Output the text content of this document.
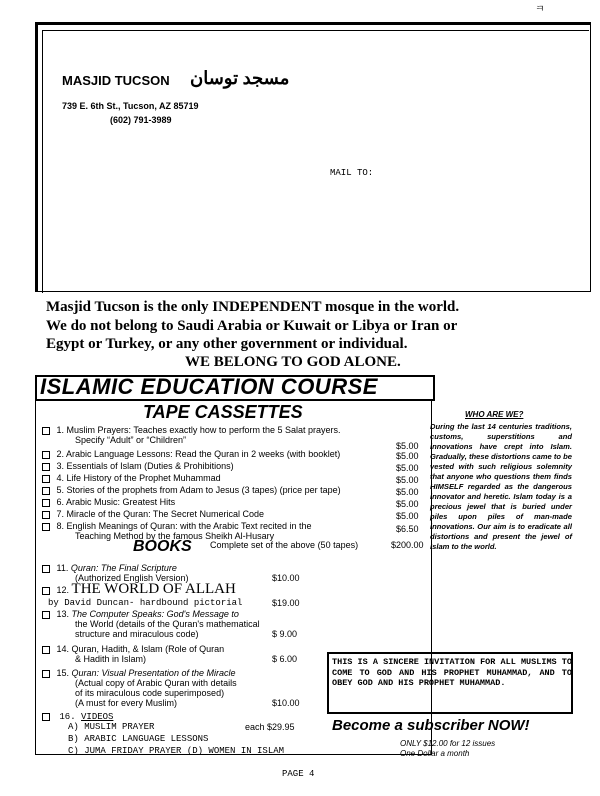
ㅋ
MASJID TUCSON مسجد توسان
739 E. 6th St., Tucson, AZ 85719
(602) 791-3989
MAIL TO:
Masjid Tucson is the only INDEPENDENT mosque in the world.
We do not belong to Saudi Arabia or Kuwait or Libya or Iran or
Egypt or Turkey, or any other government or individual.
WE BELONG TO GOD ALONE.
ISLAMIC EDUCATION COURSE
TAPE CASSETTES
1. Muslim Prayers: Teaches exactly how to perform the 5 Salat prayers.
Specify “Adult” or “Children”
$5.00
2. Arabic Language Lessons: Read the Quran in 2 weeks (with booklet)	$5.00
3. Essentials of Islam (Duties & Prohibitions)	$5.00
4. Life History of the Prophet Muhammad	$5.00
5. Stories of the prophets from Adam to Jesus (3 tapes) (price per tape)	$5.00
6. Arabic Music: Greatest Hits	$5.00
7. Miracle of the Quran: The Secret Numerical Code	$5.00
8. English Meanings of Quran: with the Arabic Text recited in the
Teaching Method by the famous Sheikh Al-Husary
$6.50
BOOKS Complete set of the above (50 tapes)	$200.00
11. Quran: The Final Scripture
(Authorized English Version)	$10.00
12. THE WORLD OF ALLAH
by David Duncan- hardbound pictorial	$19.00
13. The Computer Speaks: God's Message to
the World (details of the Quran's mathematical
structure and miraculous code)	$ 9.00
14. Quran, Hadith, & Islam (Role of Quran
& Hadith in Islam)	$ 6.00
15. Quran: Visual Presentation of the Miracle
(Actual copy of Arabic Quran with details
of its miraculous code superimposed)
(A must for every Muslim)	$10.00
16. VIDEOS
each $29.95
A) MUSLIM PRAYER
B) ARABIC LANGUAGE LESSONS
C) JUMA FRIDAY PRAYER (D) WOMEN IN ISLAM
WHO ARE WE?
During the last 14 centuries traditions, customs, superstitions and innovations have crept into Islam. Gradually, these distortions came to be vested with such religious solemnity that anyone who questions them finds HIMSELF regarded as the dangerous innovator and heretic. Islam today is a precious jewel that is buried under piles upon piles of man-made innovations. Our aim is to eradicate all distortions and present the jewel of Islam to the world.
THIS IS A SINCERE INVITATION FOR ALL MUSLIMS TO COME TO GOD AND HIS PROPHET MUHAMMAD, AND TO OBEY GOD AND HIS PROPHET MUHAMMAD.
Become a subscriber NOW!
ONLY $12.00 for 12 issues
One Dollar a month
PAGE 4
